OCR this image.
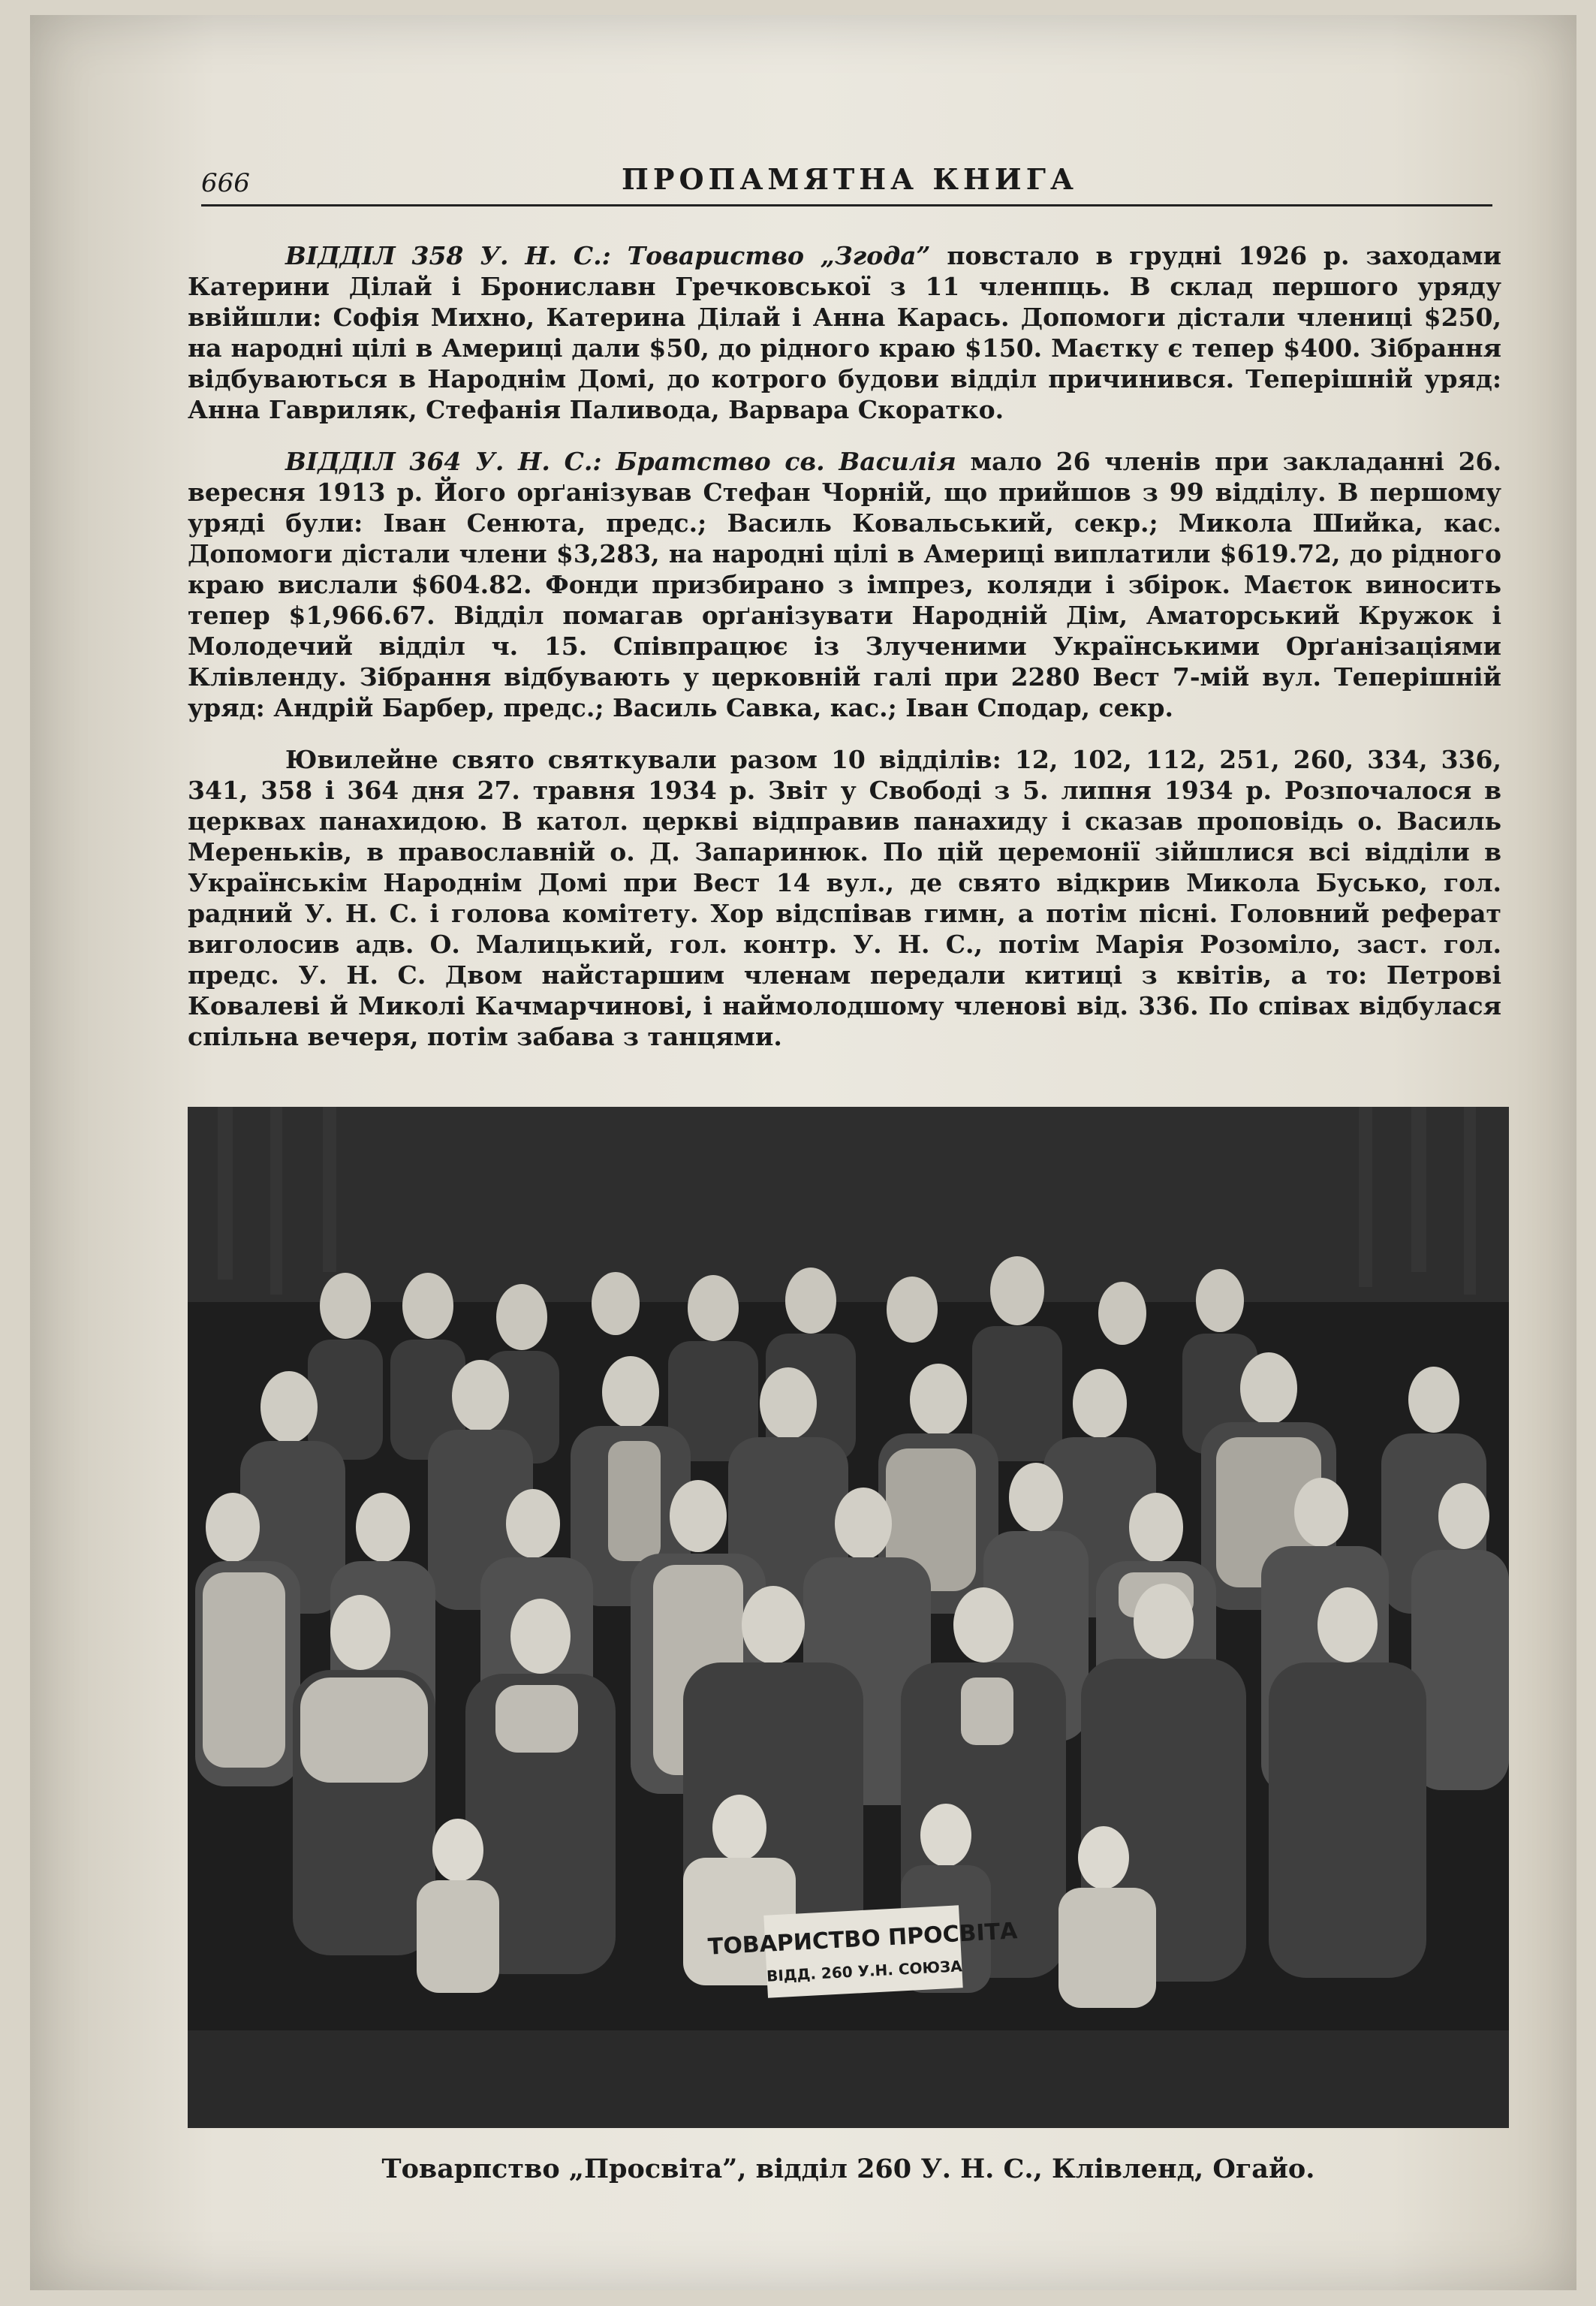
666	ПРОПАМЯТНА КНИГА

ВІДДІЛ 358 У. Н. С.: Товариство „Згода” повстало в грудні 1926 р. заходами Катерини Ділай і Брониславн Гречковської з 11 членпць. В склад першого уряду ввійшли: Софія Михно, Катерина Ділай і Анна Карась. Допомоги дістали члениці $250, на народні цілі в Америці дали $50, до рідного краю $150. Маєтку є тепер $400. Зібрання відбуваються в Народнім Домі, до котрого будови відділ причинився. Теперішній уряд: Анна Гавриляк, Стефанія Паливода, Варвара Скоратко.

ВІДДІЛ 364 У. Н. С.: Братство св. Василія мало 26 членів при закладанні 26. вересня 1913 р. Його орґанізував Стефан Чорній, що прийшов з 99 відділу. В першому уряді були: Іван Сенюта, предс.; Василь Ковальський, секр.; Микола Шийка, кас. Допомоги дістали члени $3,283, на народні цілі в Америці виплатили $619.72, до рідного краю вислали $604.82. Фонди призбирано з імпрез, коляди і збірок. Маєток виносить тепер $1,966.67. Відділ помагав орґанізувати Народній Дім, Аматорський Кружок і Молодечий відділ ч. 15. Співпрацює із Злученими Українськими Орґанізаціями Клівленду. Зібрання відбувають у церковній галі при 2280 Вест 7-мій вул. Теперішній уряд: Андрій Барбер, предс.; Василь Савка, кас.; Іван Сподар, секр.

Ювилейне свято святкували разом 10 відділів: 12, 102, 112, 251, 260, 334, 336, 341, 358 і 364 дня 27. травня 1934 р. Звіт у Свободі з 5. липня 1934 р. Розпочалося в церквах панахидою. В катол. церкві відправив панахиду і сказав проповідь о. Василь Мереньків, в православній о. Д. Запаринюк. По цій церемонії зійшлися всі відділи в Українськім Народнім Домі при Вест 14 вул., де свято відкрив Микола Бусько, гол. радний У. Н. С. і голова комітету. Хор відспівав гимн, а потім пісні. Головний реферат виголосив адв. О. Малицький, гол. контр. У. Н. С., потім Марія Розоміло, заст. гол. предс. У. Н. С. Двом найстаршим членам передали китиці з квітів, а то: Петрові Ковалеві й Миколі Качмарчинові, і наймолодшому членові від. 336. По співах відбулася спільна вечеря, потім забава з танцями.

ТОВАРИСТВО ПРОСВІТА
ВІДД. 260 У.Н. СОЮЗА
Товарпство „Просвіта”, відділ 260 У. Н. С., Клівленд, Огайо.
